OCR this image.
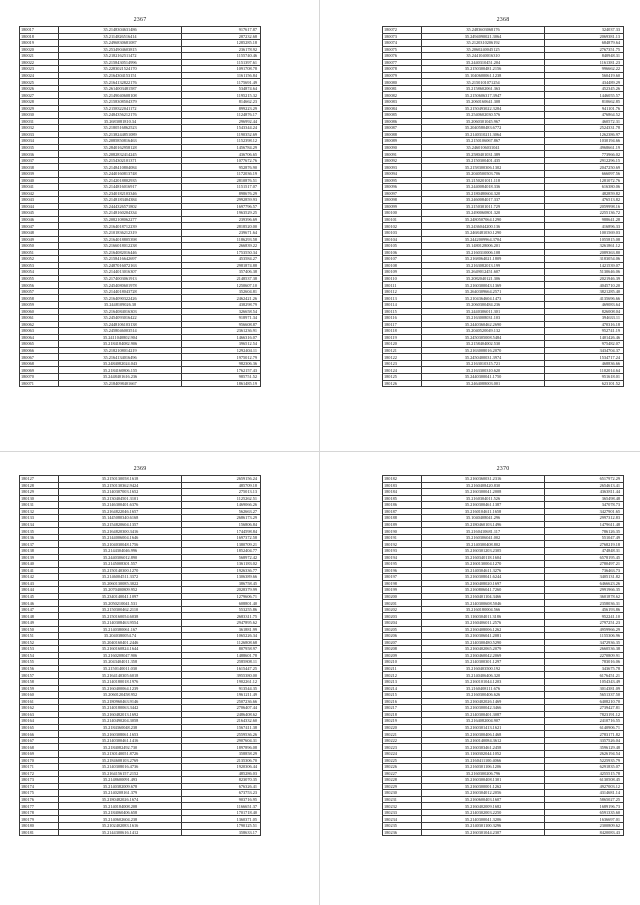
2367
180017	35.2148304631486	917617.87
180018	35.2114826516414	287232.68
180019	35.2496830681087	1285285.18
180020	35.2534904603815	236178.92
180021	35.2182162511472	1155740.46
180022	35.2158430514996	1151397.61
180023	35.2283021524170	1091708.78
180024	35.2164304153151	1161156.84
180025	35.2164132822176	1175691.49
180026	35.2614003481587	534874.64
180027	35.2149040608108	1195215.32
180028	35.2158308504379	814662.23
180029	35.2158322041172	899223.29
180030	35.2484356212176	1124876.17
180031	35.2683081810.34	296992.44
180032	35.2180516862523	1543344.24
180033	35.2138244851089	1190352.69
180034	35.2085850816463	1152398.12
180035	35.2840162958128	1456784.29
180036	35.2082832414245	436706.65
180037	35.2154302101371	1077672.76
180038	35.2148410804084	952876.90
180039	35.2440160813748	1172036.19
180040	35.2142018802935	2810876.51
180041	35.2144816016917	1151517.07
180042	35.2340182103346	898676.29
180043	35.2148183404384	2992859.93
180044	35.2444326571802	1697796.57
180045	35.2148160204334	1963529.25
180046	35.2082108062277	239396.69
180047	35.2164018712239	2818520.00
180048	35.2101836212319	239671.64
180049	35.2164018805398	1186293.58
180050	35.2166018012238	266839.22
180051	35.2164082016446	1753550.34
180052	35.2158416642697	453584.27
180053	35.2487016072163	2981874.88
180054	35.2144013016307	357406.38
180055	35.2174003061913	2148537.38
180056	35.2454080601978	1250607.10
180057	35.2144018043728	352604.81
180058	35.2164090322426	2462421.26
180059	35.2448109026.38	438298.79
180060	35.2164084016303	326658.54
180061	35.2454093016422	918971.34
180062	35.2448106103138	956608.87
180063	35.2458046003514	2361236.91
180064	35.2411040802.904	1466316.07
180065	35.2184184082.906	396512.54
180066	35.2182108014219	1292404.11
180067	35.2164134016496	1975012.79
180068	35.2484082024.043	982306.36
180069	35.2184160806.155	1762157.43
180070	35.2448401616.236	985751.52
180071	35.2184098401667	1861485.19
2368
180072	35.2483603068176	324037.33
180073	35.2494090021.3064	2069381.13
180074	35.2120310206192	684879.64
180075	35.2060240045125	2767351.75
180076	35.2441040016310	840948.31
180077	35.2440310451.204	1161381.23
180078	35.2150300481.2156	996662.22
180079	35.1040600061.1238	560419.60
180080	35.2150101071254	434489.29
180081	35.2158602061.363	452345.26
180082	35.2150606317.3947	1446055.57
180083	35.2060160641.308	810662.85
180084	35.2150493022.3284	941101.76
180085	35.2540602030.576	476864.52
180086	35.2060301045.967	460572.31
180087	35.2040580483.6772	2524331.78
180088	35.2140310211.3064	1262386.97
180089	35.2150106067.867	1030194.66
180090	35.2460106031041	4968661.19
180091	35.2580401031.389	773966.02
180092	35.2150300401.435	2912296.15
180093	35.2158300306.1302	2047250.69
180094	35.2040500503.706	666097.56
180095	35.2150201011.118	1281072.76
180096	35.2440084018.336	616380.06
180097	35.2180480604.320	482859.82
180098	35.2460084017.337	476513.82
180099	35.2150301011.729	2059998.16
180100	35.2490060801.320	2255136.72
180101	35.2480507064.1290	988641.28
180102	35.2436044200.136	416896.33
180103	35.2468481030.1290	1001569.03
180104	35.2442009964.3704	1055815.08
180105	35.1480128006.201	3261861.12
180106	35.2160310006.108	2089363.80
180107	35.2168064021.1809	3183054.06
180108	35.2163082013.199	1421539.07
180109	35.2649012451.607	5130646.06
180110	35.2082040121.306	2021946.39
180111	35.2160300043.1369	4045710.20
180112	35.2640309664.2571	3821285.40
180113	35.2104364604.1473	4135696.66
180114	35.2060300484.236	469083.64
180115	35.2440306011.301	826008.04
180116	35.2163008031.103	394633.11
180117	35.2440360462.2690	470316.18
180118	35.2040520049.132	952741.19
180119	35.2450305008.5484	1401426.46
180120	35.2158404002.530	975482.07
180121	35.2163008016.2070	3434704.37
180122	35.2450400031.3974	1534717.24
180123	35.2163010315.721	468836.66
180124	35.2163300310.620	1102014.64
180125	35.2440300041.1750	951618.01
180126	35.2464088003.001	623101.52
2369
180127	35.2150130058.1618	2659156.24
180128	35.2150130362.9424	485709.18
180129	35.2140307003.1652	275013.13
180130	35.2130404501.3101	1125262.51
180131	35.2146300401.6376	1469066.26
180132	35.2164822046.1657	562663.27
180133	35.1445080340.6168	2686173.29
180134	35.2154820604.1357	156806.84
180135	35.2164820300.3416	1744598.84
180136	35.2144006004.1646	1697372.58
180137	35.2104030048.1756	1380709.21
180138	35.2144304046.996	1852404.77
180139	35.2440306012.890	568972.42
180140	35.2145008301.557	1361183.02
180141	35.2150140300.1270	1926336.77
180142	35.2146004511.3372	1306389.66
180143	35.2060130085.3022	386758.45
180144	35.2070400809.952	2028379.99
180145	35.2340140041.1097	1279606.71
180146	35.2050210041.531	608801.40
180147	35.2150300462.2110	553255.86
180148	35.2150160054.6038	2683311.75
180149	35.2140308463.9554	2947895.62
180150	35.2140380061.167	361881.99
180151	35.2040380054.74	1065226.34
180152	35.2040160401.2446	1126808.68
180153	35.2160160824.1644	807958.97
180154	35.2160208047.906	1488601.78
180155	35.2043404011.358	2585808.11
180156	35.2150140011.030	1615447.25
180157	35.2164140305.6018	3955380.00
180158	35.2140180018.1976	1902261.12
180159	35.2160400064.1239	913544.35
180160	35.2060120458.952	1961211.49
180161	35.2180960463.9146	2507236.66
180162	35.2140180063.3442	2706407.44
180163	35.2160482013.1692	2486408.62
180164	35.2140490204.3058	2164332.60
180165	35.2184360048.238	1567411.38
180166	35.2160308061.1653	2559536.26
180167	35.2140300461.1416	2907604.31
180168	35.2184082492.730	1897896.08
180169	35.2130140051.8726	358858.29
180170	35.2184608103.2769	2135306.70
180171	35.2140308016.4736	1920306.44
180172	35.2164156157.2152	485286.03
180173	35.2148600091.493	823070.35
180174	35.2140382009.678	676326.41
180175	35.2140208161.379	673753.23
180176	35.2180482026.1674	903716.95
180177	35.2140184008.208	1166651.37
180178	35.2184060406.658	1701718.40
180179	35.2140602604.238	1360371.05
180180	35.2102402083.1616	1790125.51
180181	35.2144300616.1412	358633.17
2370
180182	35.2160360031.2316	6517972.29
180183	35.2160408420.830	2654613.41
180184	35.2160300041.2008	4363811.44
180185	35.2160304011.526	365498.48
180186	35.2160300461.1387	347078.73
180187	35.2160104611.1658	3427901.65
180188	35.1040408041.296	2997312.83
180189	35.2180460103.1496	1479611.48
180190	35.2160410681.117	786126.35
180191	35.2160306041.002	551047.49
180192	35.2140300408.802	2768219.18
180193	35.2160301203.2305	474848.31
180194	35.2160340118.1604	6578195.45
180195	35.2160130004.1270	2780497.21
180196	35.2140304611.3276	736463.73
180197	35.2160308041.6244	3405131.82
180198	35.2160408020.1697	6466623.26
180199	35.2160806041.7260	2991966.35
180200	35.2160401104.3466	3601878.62
180201	35.2140300608.5046	2358036.31
180202	35.2160180004.566	456193.86
180203	35.1160304011.3186	952241.10
180204	35.2160406011.2576	2797251.23
180205	35.2160408006.1262	4959966.29
180206	35.2160306041.2081	1155306.96
180207	35.2140300480.5290	3472936.35
180208	35.2160402065.2079	2660536.38
180209	35.2160460042.2069	2270809.91
180210	35.2140300301.1297	783016.06
180211	35.2160403500.192	343675.78
180212	35.2140406406.320	6176451.21
180213	35.2160101044.1203	1054343.49
180214	35.2160408111.676	3014381.09
180215	35.2160300406.626	5651337.50
180216	35.2160402026.1469	6408210.70
180217	35.2160300042.3466	2739427.81
180218	35.2140300401.3087	7823191.12
180219	35.2164082004.907	2410716.55
180220	35.2160301413.1621	6140906.71
180221	35.2160300406.1468	2783171.82
180222	35.2160140084.3612	3357526.04
180223	35.2160303461.2458	3596129.48
180224	35.1160302044.1052	2626194.54
180225	35.2160411100.4066	5225935.79
180226	35.2160301106.1206	6291835.07
180227	35.2160300206.796	4255515.78
180228	35.2160300408.1301	6130508.45
180229	35.2160300001.1262	4927003.12
180230	35.2160304012.2056	4314681.14
180231	35.2160600403.1607	5865027.25
180232	35.2160402009.1682	1689196.73
180233	35.2140302003.2250	6591335.60
180234	35.2140300041.3206	1636697.01
180235	35.2140301100.3296	2300809.62
180236	35.2160301044.2307	8420083.43
